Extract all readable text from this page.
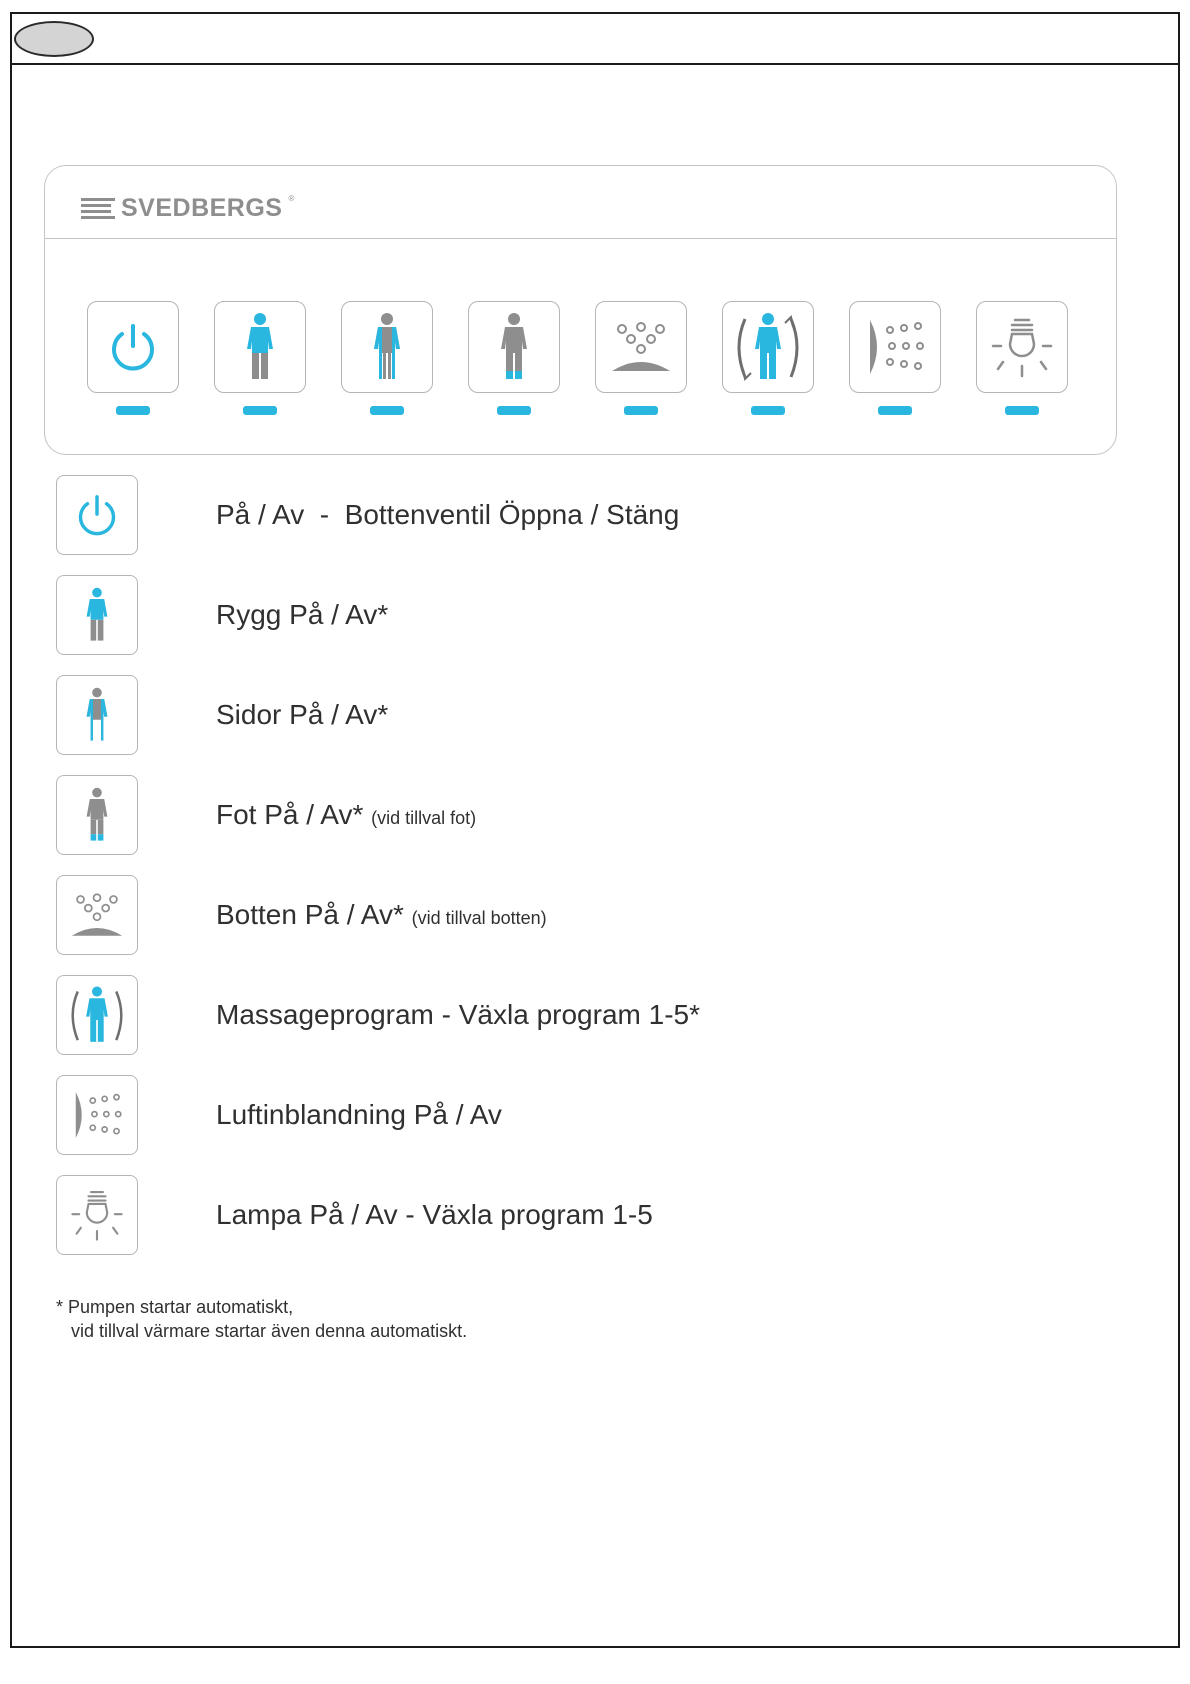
SVEDBERGS ®
På / Av  -  Bottenventil Öppna / Stäng
Rygg På / Av*
Sidor På / Av*
Fot På / Av* (vid tillval fot)
Botten På / Av* (vid tillval botten)
Massageprogram - Växla program 1-5*
Luftinblandning På / Av
Lampa På / Av - Växla program 1-5
* Pumpen startar automatiskt,
vid tillval värmare startar även denna automatiskt.
